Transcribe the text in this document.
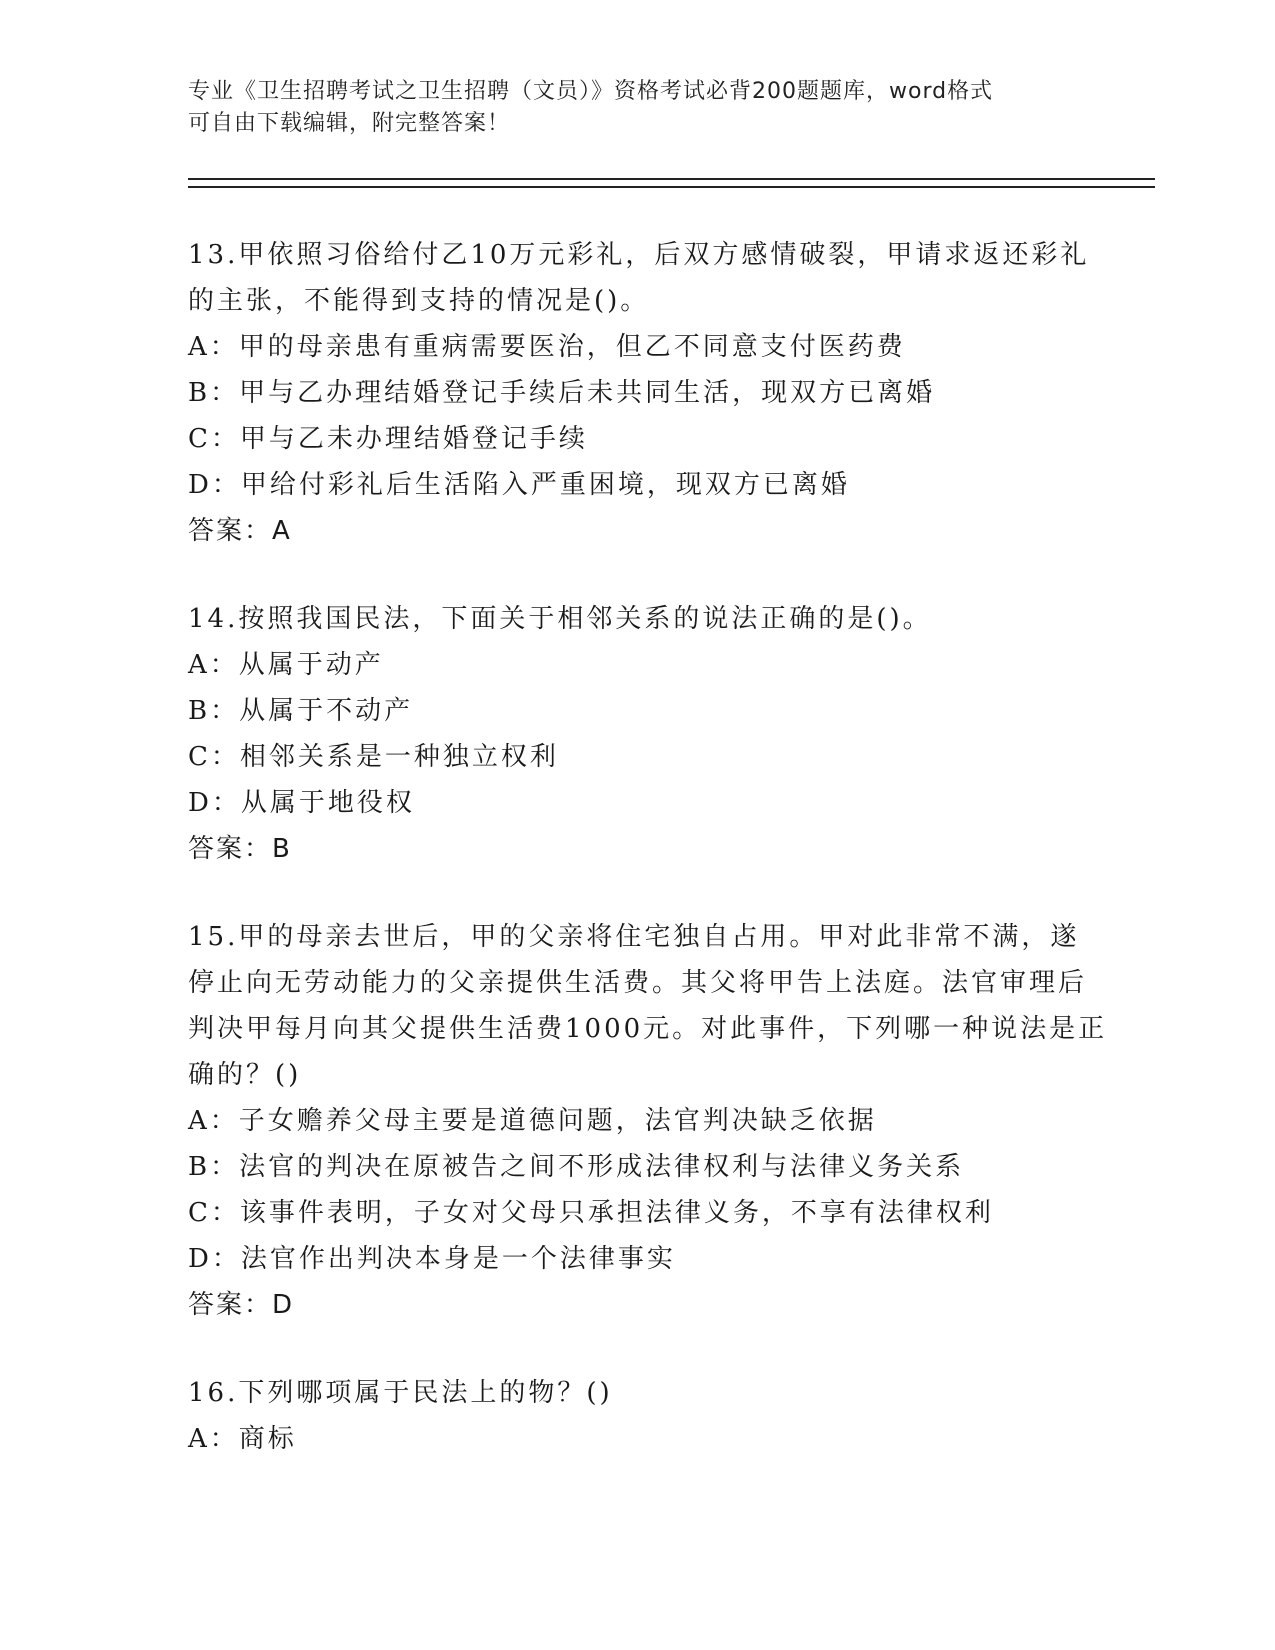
专业《卫生招聘考试之卫生招聘（文员）》资格考试必背200题题库，word格式
可自由下载编辑，附完整答案！
13.甲依照习俗给付乙10万元彩礼，后双方感情破裂，甲请求返还彩礼的主张，不能得到支持的情况是()。
A：甲的母亲患有重病需要医治，但乙不同意支付医药费
B：甲与乙办理结婚登记手续后未共同生活，现双方已离婚
C：甲与乙未办理结婚登记手续
D：甲给付彩礼后生活陷入严重困境，现双方已离婚
答案：A
14.按照我国民法，下面关于相邻关系的说法正确的是()。
A：从属于动产
B：从属于不动产
C：相邻关系是一种独立权利
D：从属于地役权
答案：B
15.甲的母亲去世后，甲的父亲将住宅独自占用。甲对此非常不满，遂停止向无劳动能力的父亲提供生活费。其父将甲告上法庭。法官审理后判决甲每月向其父提供生活费1000元。对此事件，下列哪一种说法是正确的？()
A：子女赡养父母主要是道德问题，法官判决缺乏依据
B：法官的判决在原被告之间不形成法律权利与法律义务关系
C：该事件表明，子女对父母只承担法律义务，不享有法律权利
D：法官作出判决本身是一个法律事实
答案：D
16.下列哪项属于民法上的物？()
A：商标
